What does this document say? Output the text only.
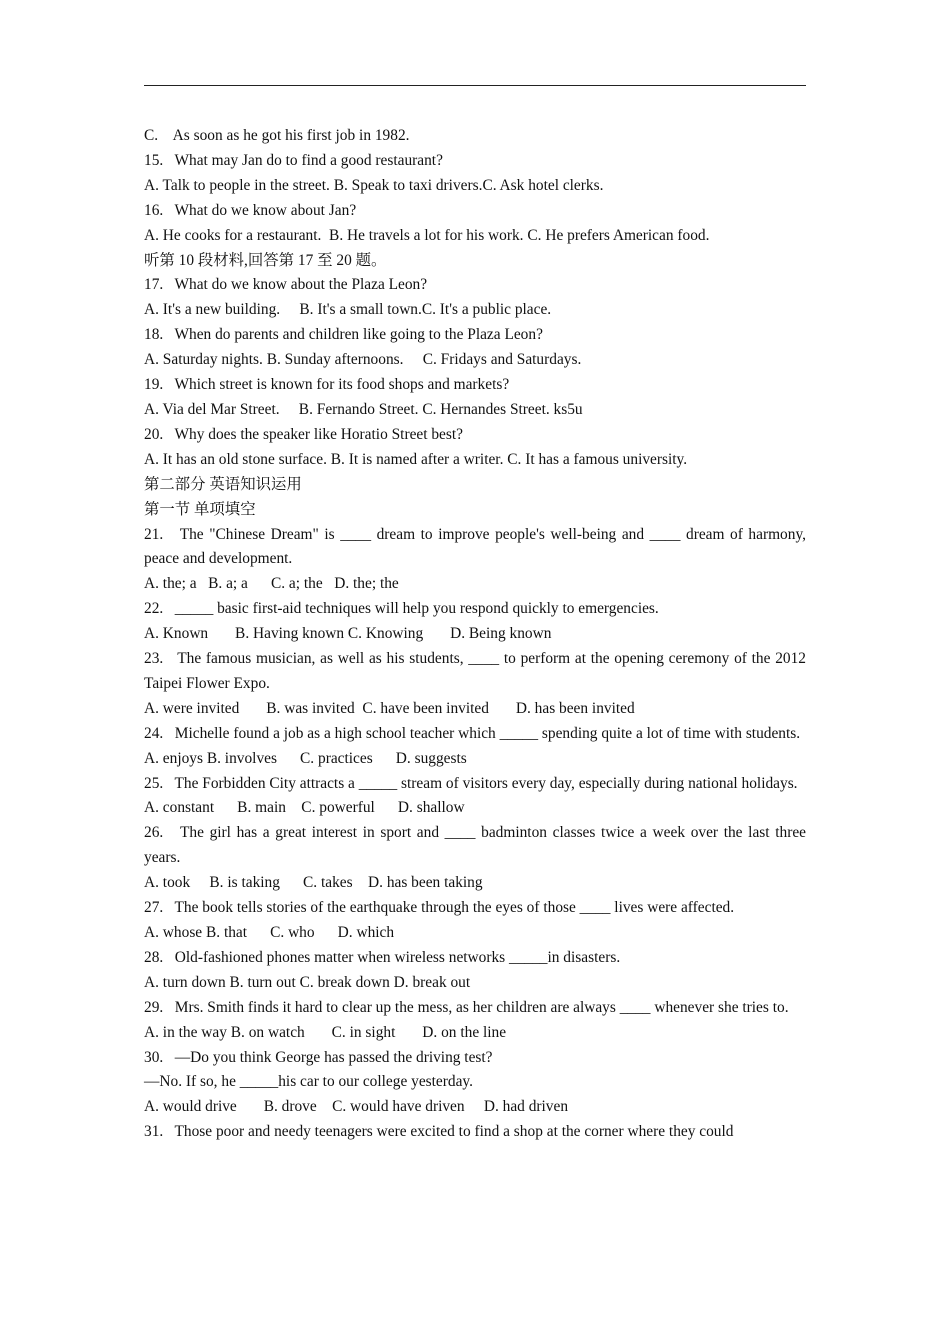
C.    As soon as he got his first job in 1982.
15.   What may Jan do to find a good restaurant?
A. Talk to people in the street. B. Speak to taxi drivers.C. Ask hotel clerks.
16.   What do we know about Jan?
A. He cooks for a restaurant.  B. He travels a lot for his work. C. He prefers American food.
听第 10 段材料,回答第 17 至 20 题。
17.   What do we know about the Plaza Leon?
A. It's a new building.     B. It's a small town.C. It's a public place.
18.   When do parents and children like going to the Plaza Leon?
A. Saturday nights. B. Sunday afternoons.     C. Fridays and Saturdays.
19.   Which street is known for its food shops and markets?
A. Via del Mar Street.     B. Fernando Street. C. Hernandes Street. ks5u
20.   Why does the speaker like Horatio Street best?
A. It has an old stone surface. B. It is named after a writer. C. It has a famous university.
第二部分 英语知识运用
第一节 单项填空
21.   The "Chinese Dream" is ____ dream to improve people's well-being and ____ dream of harmony, peace and development.
A. the; a   B. a; a      C. a; the   D. the; the
22.   _____ basic first-aid techniques will help you respond quickly to emergencies.
A. Known       B. Having known C. Knowing       D. Being known
23.   The famous musician, as well as his students, ____ to perform at the opening ceremony of the 2012 Taipei Flower Expo.
A. were invited       B. was invited  C. have been invited       D. has been invited
24.   Michelle found a job as a high school teacher which _____ spending quite a lot of time with students.
A. enjoys B. involves      C. practices      D. suggests
25.   The Forbidden City attracts a _____ stream of visitors every day, especially during national holidays.
A. constant      B. main    C. powerful      D. shallow
26.   The girl has a great interest in sport and ____ badminton classes twice a week over the last three years.
A. took     B. is taking      C. takes    D. has been taking
27.   The book tells stories of the earthquake through the eyes of those ____ lives were affected.
A. whose B. that      C. who      D. which
28.   Old-fashioned phones matter when wireless networks _____in disasters.
A. turn down B. turn out C. break down D. break out
29.   Mrs. Smith finds it hard to clear up the mess, as her children are always ____ whenever she tries to.
A. in the way B. on watch       C. in sight       D. on the line
30.   —Do you think George has passed the driving test?
—No. If so, he _____his car to our college yesterday.
A. would drive       B. drove    C. would have driven     D. had driven
31.   Those poor and needy teenagers were excited to find a shop at the corner where they could
